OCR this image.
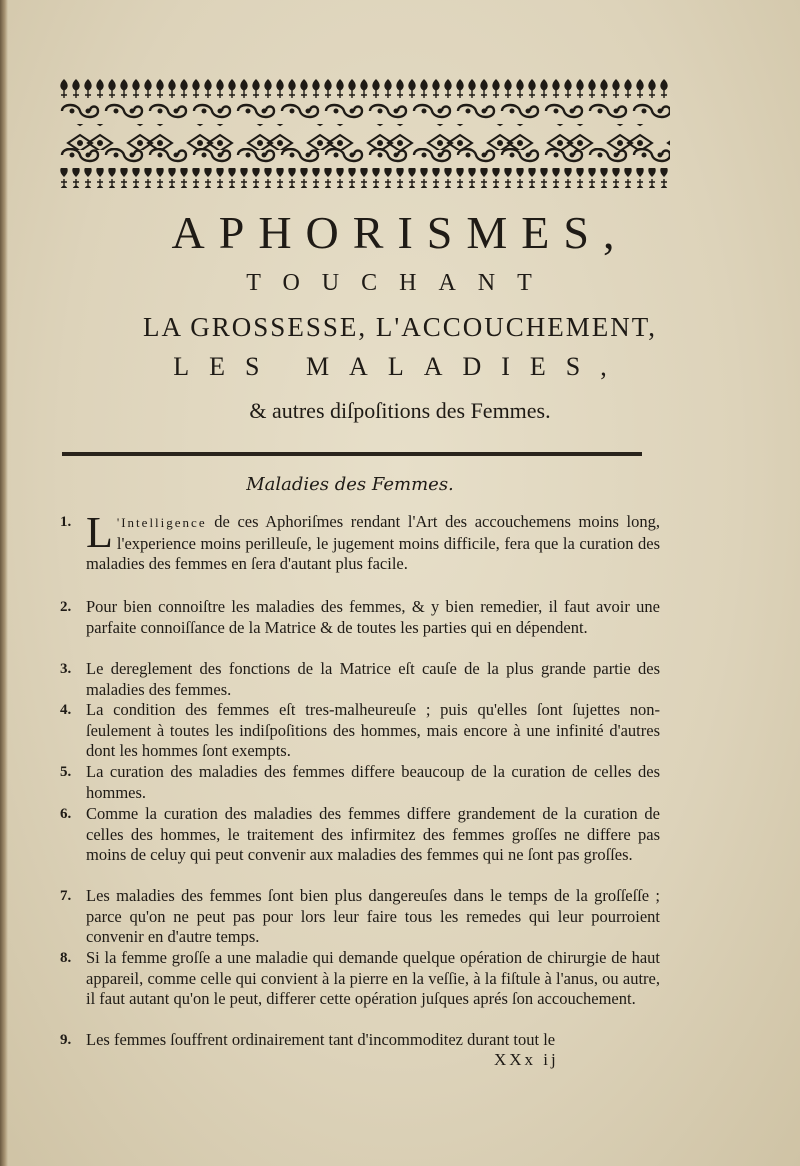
APHORISMES,
TOUCHANT
LA GROSSESSE, L'ACCOUCHEMENT,
LES MALADIES,
& autres diſpoſitions des Femmes.
Maladies des Femmes.
1. L 'Intelligence de ces Aphoriſmes rendant l'Art des accouchemens moins long, l'experience moins perilleuſe, le jugement moins difficile, fera que la curation des maladies des femmes en ſera d'autant plus facile.
2. Pour bien connoiſtre les maladies des femmes, & y bien remedier, il faut avoir une parfaite connoiſſance de la Matrice & de toutes les parties qui en dépendent.
3. Le dereglement des fonctions de la Matrice eſt cauſe de la plus grande partie des maladies des femmes.
4. La condition des femmes eſt tres-malheureuſe ; puis qu'elles ſont ſujettes non-ſeulement à toutes les indiſpoſitions des hommes, mais encore à une infinité d'autres dont les hommes ſont exempts.
5. La curation des maladies des femmes differe beaucoup de la curation de celles des hommes.
6. Comme la curation des maladies des femmes differe grandement de la curation de celles des hommes, le traitement des infirmitez des femmes groſſes ne differe pas moins de celuy qui peut convenir aux maladies des femmes qui ne ſont pas groſſes.
7. Les maladies des femmes ſont bien plus dangereuſes dans le temps de la groſſeſſe ; parce qu'on ne peut pas pour lors leur faire tous les remedes qui leur pourroient convenir en d'autre temps.
8. Si la femme groſſe a une maladie qui demande quelque opération de chirurgie de haut appareil, comme celle qui convient à la pierre en la veſſie, à la fiſtule à l'anus, ou autre, il faut autant qu'on le peut, differer cette opération juſques aprés ſon accouchement.
9. Les femmes ſouffrent ordinairement tant d'incommoditez durant tout le
XXx ij
